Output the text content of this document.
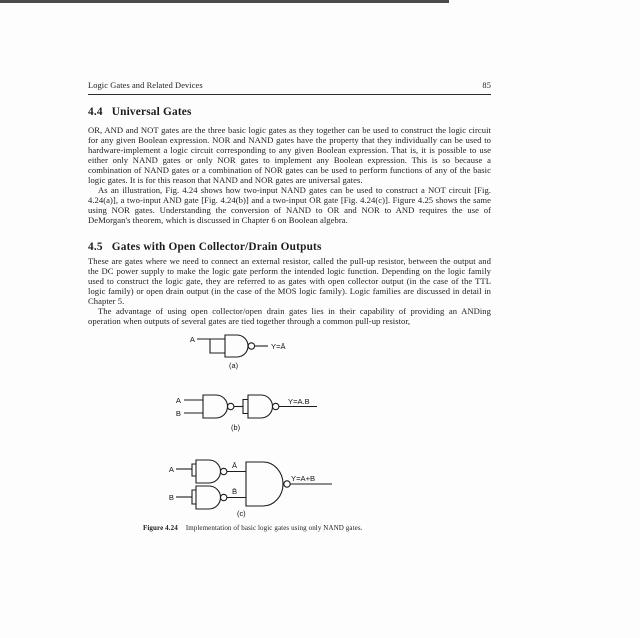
Logic Gates and Related Devices	85
4.4 Universal Gates

OR, AND and NOT gates are the three basic logic gates as they together can be used to construct the logic circuit for any given Boolean expression. NOR and NAND gates have the property that they individually can be used to hardware-implement a logic circuit corresponding to any given Boolean expression. That is, it is possible to use either only NAND gates or only NOR gates to implement any Boolean expression. This is so because a combination of NAND gates or a combination of NOR gates can be used to perform functions of any of the basic logic gates. It is for this reason that NAND and NOR gates are universal gates.

As an illustration, Fig. 4.24 shows how two-input NAND gates can be used to construct a NOT circuit [Fig. 4.24(a)], a two-input AND gate [Fig. 4.24(b)] and a two-input OR gate [Fig. 4.24(c)]. Figure 4.25 shows the same using NOR gates. Understanding the conversion of NAND to OR and NOR to AND requires the use of DeMorgan's theorem, which is discussed in Chapter 6 on Boolean algebra.

4.5 Gates with Open Collector/Drain Outputs

These are gates where we need to connect an external resistor, called the pull-up resistor, between the output and the DC power supply to make the logic gate perform the intended logic function. Depending on the logic family used to construct the logic gate, they are referred to as gates with open collector output (in the case of the TTL logic family) or open drain output (in the case of the MOS logic family). Logic families are discussed in detail in Chapter 5.

The advantage of using open collector/open drain gates lies in their capability of providing an ANDing operation when outputs of several gates are tied together through a common pull-up resistor,

A
Y=Ā
(a)
A
B
Y=A.B
(b)
A	Ā
B
B̄
Y=A+B
(c)
Figure 4.24 Implementation of basic logic gates using only NAND gates.
